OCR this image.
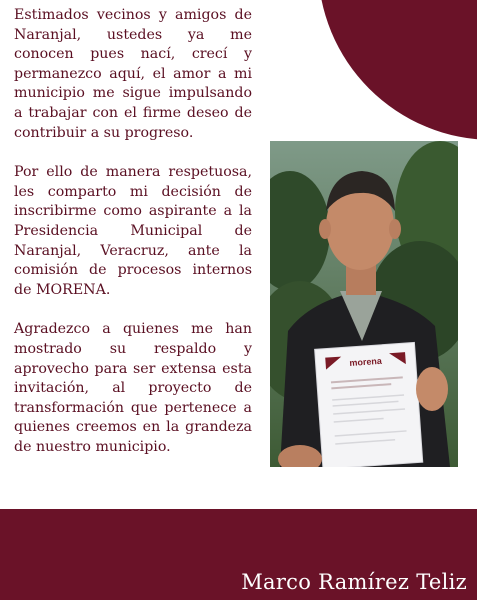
Estimados vecinos y amigos de Naranjal, ustedes ya me conocen pues nací, crecí y permanezco aquí, el amor a mi municipio me sigue impulsando a trabajar con el firme deseo de contribuir a su progreso.

Por ello de manera respetuosa, les comparto mi decisión de inscribirme como aspirante a la Presidencia Municipal de Naranjal, Veracruz, ante la comisión de procesos internos de MORENA.

Agradezco a quienes me han mostrado su respaldo y aprovecho para ser extensa esta invitación, al proyecto de transformación que pertenece a quienes creemos en la grandeza de nuestro municipio.

morena
Marco Ramírez Teliz
